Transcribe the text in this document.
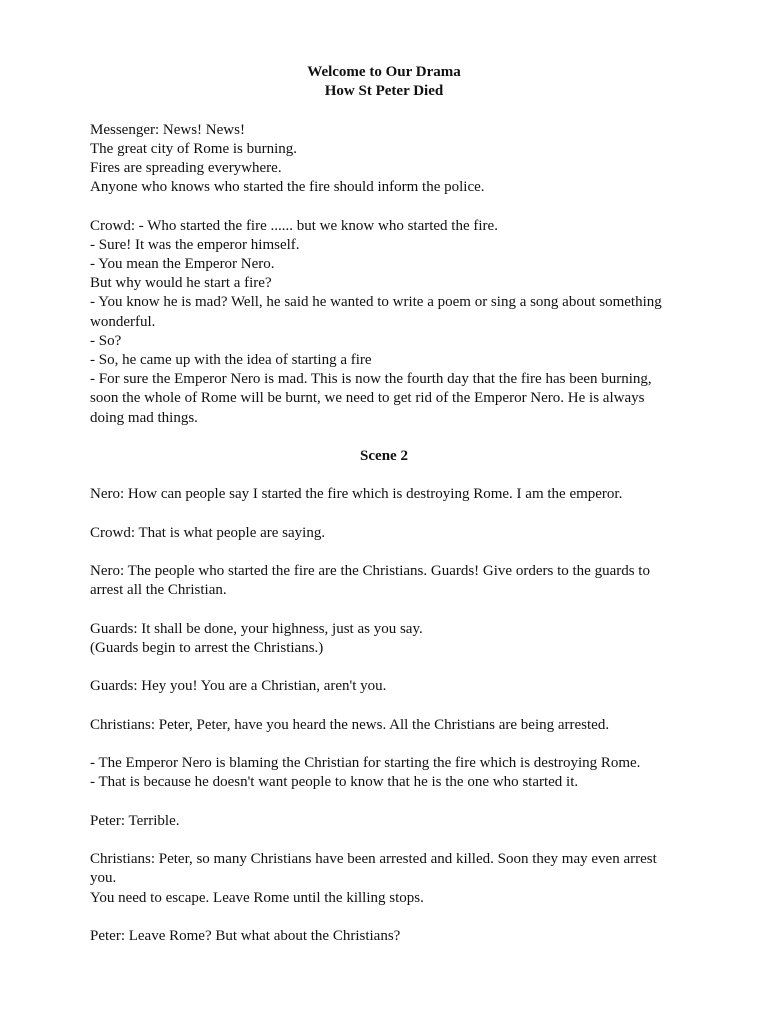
Welcome to Our Drama
How St Peter Died
Messenger: News! News!
The great city of Rome is burning.
Fires are spreading everywhere.
Anyone who knows who started the fire should inform the police.
Crowd: - Who started the fire ...... but we know who started the fire.
- Sure! It was the emperor himself.
- You mean the Emperor Nero.
But why would he start a fire?
- You know he is mad? Well, he said he wanted to write a poem or sing a song about something wonderful.
- So?
- So, he came up with the idea of starting a fire
- For sure the Emperor Nero is mad. This is now the fourth day that the fire has been burning, soon the whole of Rome will be burnt, we need to get rid of the Emperor Nero. He is always doing mad things.
Scene 2
Nero: How can people say I started the fire which is destroying Rome. I am the emperor.
Crowd: That is what people are saying.
Nero: The people who started the fire are the Christians. Guards! Give orders to the guards to arrest all the Christian.
Guards: It shall be done, your highness, just as you say.
(Guards begin to arrest the Christians.)
Guards: Hey you! You are a Christian, aren't you.
Christians: Peter, Peter, have you heard the news. All the Christians are being arrested.
- The Emperor Nero is blaming the Christian for starting the fire which is destroying Rome.
- That is because he doesn't want people to know that he is the one who started it.
Peter: Terrible.
Christians: Peter, so many Christians have been arrested and killed. Soon they may even arrest you.
You need to escape. Leave Rome until the killing stops.
Peter: Leave Rome? But what about the Christians?
